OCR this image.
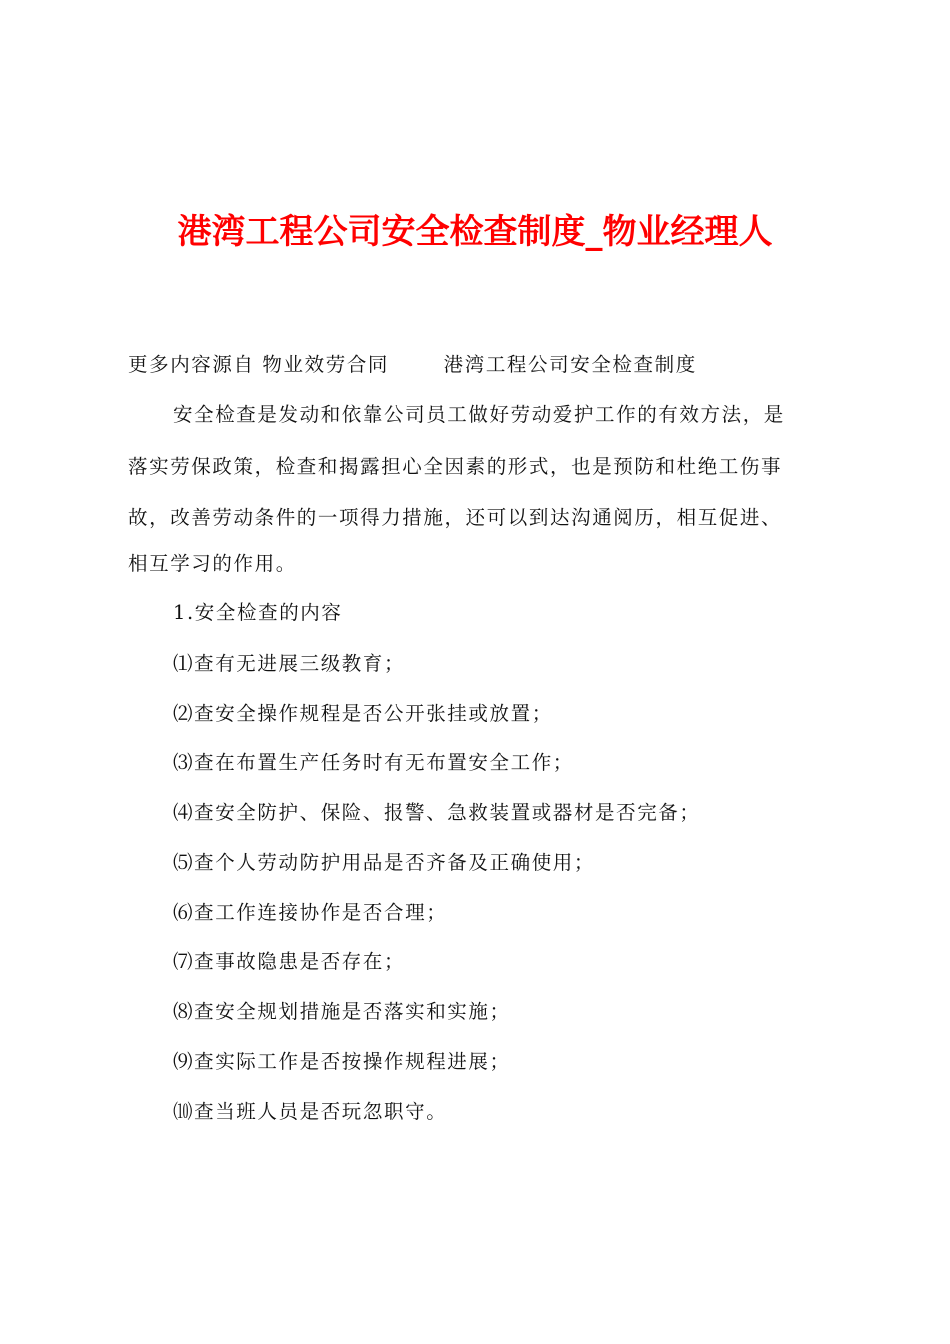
港湾工程公司安全检查制度_物业经理人
更多内容源自 物业效劳合同	港湾工程公司安全检查制度
安全检查是发动和依靠公司员工做好劳动爱护工作的有效方法，是
落实劳保政策，检查和揭露担心全因素的形式，也是预防和杜绝工伤事
故，改善劳动条件的一项得力措施，还可以到达沟通阅历，相互促进、
相互学习的作用。
1.安全检查的内容
⑴查有无进展三级教育；
⑵查安全操作规程是否公开张挂或放置；
⑶查在布置生产任务时有无布置安全工作；
⑷查安全防护、保险、报警、急救装置或器材是否完备；
⑸查个人劳动防护用品是否齐备及正确使用；
⑹查工作连接协作是否合理；
⑺查事故隐患是否存在；
⑻查安全规划措施是否落实和实施；
⑼查实际工作是否按操作规程进展；
⑽查当班人员是否玩忽职守。
